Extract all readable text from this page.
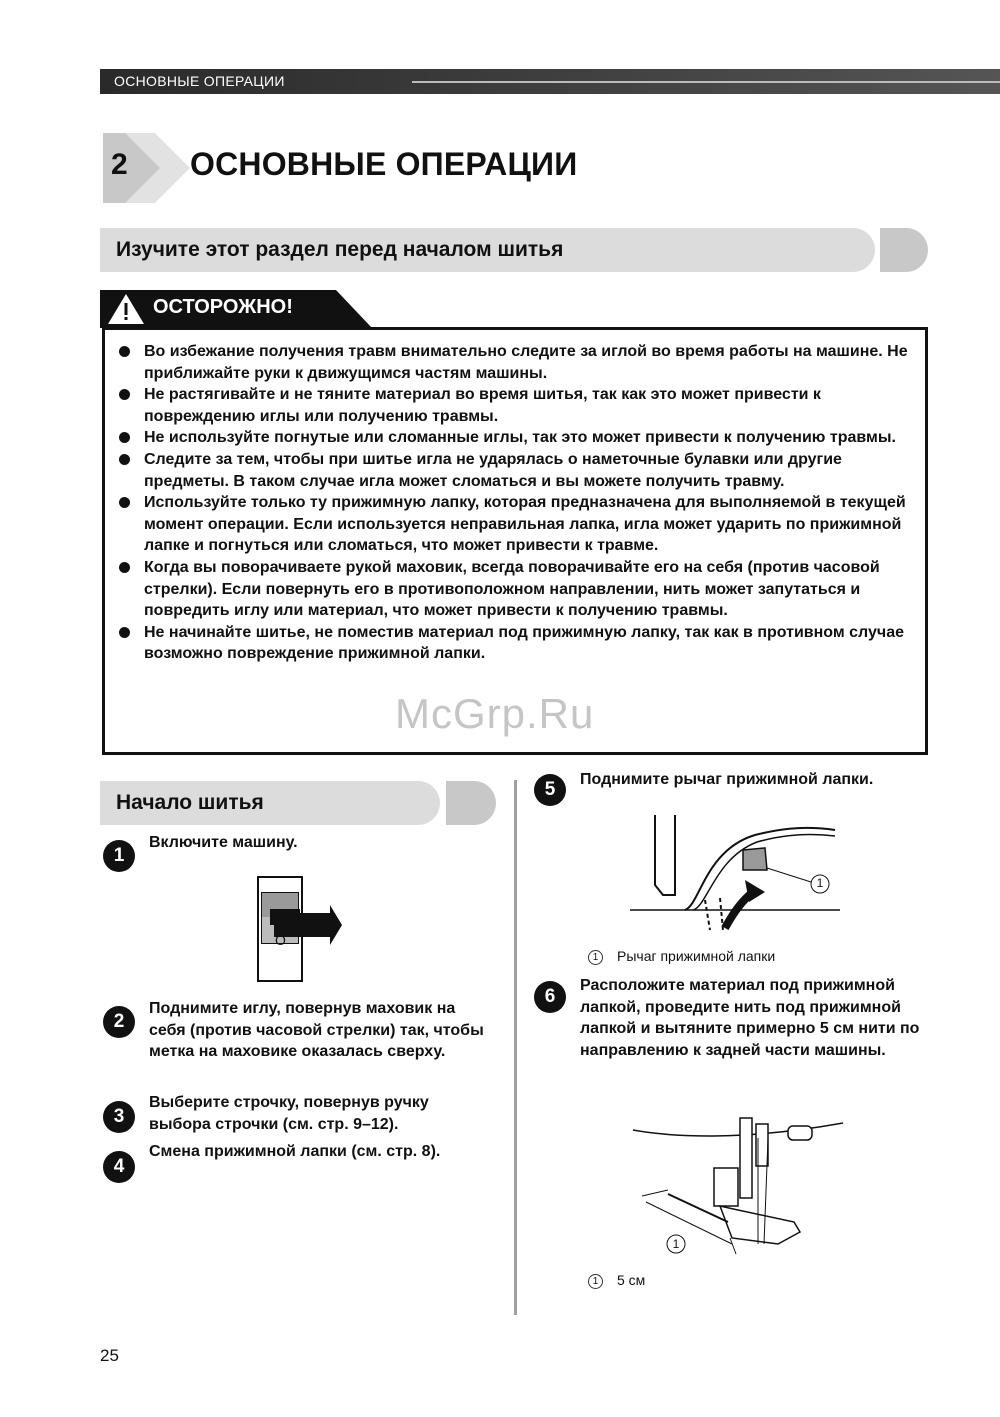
ОСНОВНЫЕ ОПЕРАЦИИ
2 ОСНОВНЫЕ ОПЕРАЦИИ
Изучите этот раздел перед началом шитья
ОСТОРОЖНО!
Во избежание получения травм внимательно следите за иглой во время работы на машине. Не приближайте руки к движущимся частям машины.
Не растягивайте и не тяните материал во время шитья, так как это может привести к повреждению иглы или получению травмы.
Не используйте погнутые или сломанные иглы, так это может привести к получению травмы.
Следите за тем, чтобы при шитье игла не ударялась о наметочные булавки или другие предметы. В таком случае игла может сломаться и вы можете получить травму.
Используйте только ту прижимную лапку, которая предназначена для выполняемой в текущей момент операции. Если используется неправильная лапка, игла может ударить по прижимной лапке и погнуться или сломаться, что может привести к травме.
Когда вы поворачиваете рукой маховик, всегда поворачивайте его на себя (против часовой стрелки). Если повернуть его в противоположном направлении, нить может запутаться и повредить иглу или материал, что может привести к получению травмы.
Не начинайте шитье, не поместив материал под прижимную лапку, так как в противном случае возможно повреждение прижимной лапки.
Начало шитья
1
Включите машину.
I
O
2
Поднимите иглу, повернув маховик на себя (против часовой стрелки) так, чтобы метка на маховике оказалась сверху.
3
Выберите строчку, повернув ручку выбора строчки (см. стр. 9–12).
4
Смена прижимной лапки (см. стр. 8).
5	Поднимите рычаг прижимной лапки.
1
1 Рычаг прижимной лапки
6
Расположите материал под прижимной лапкой, проведите нить под прижимной лапкой и вытяните примерно 5 см нити по направлению к задней части машины.
1
1 5 см
McGrp.Ru
25
